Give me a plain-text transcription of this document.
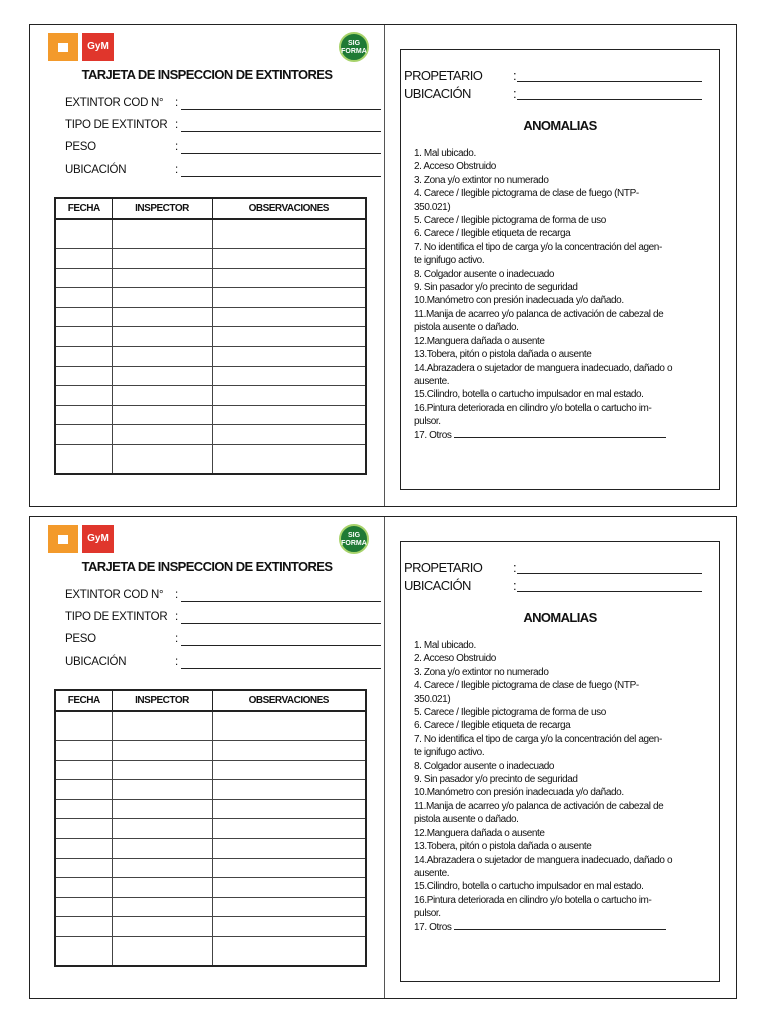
GyM	SIG
FORMA
TARJETA DE INSPECCION DE EXTINTORES
EXTINTOR COD N° :
TIPO DE EXTINTOR :
PESO	:
UBICACIÓN	:
FECHA	INSPECTOR	OBSERVACIONES

PROPETARIO :
UBICACIÓN	:
ANOMALIAS
1. Mal ubicado.
2. Acceso Obstruido
3. Zona y/o extintor no numerado
4. Carece / Ilegible pictograma de clase de fuego (NTP-
350.021)
5. Carece / Ilegible pictograma de forma de uso
6. Carece / Ilegible etiqueta de recarga
7. No identifica el tipo de carga y/o la concentración del agen-
te ignifugo activo.
8. Colgador ausente o inadecuado
9. Sin pasador y/o precinto de seguridad
10.Manómetro con presión inadecuada y/o dañado.
11.Manija de acarreo y/o palanca de activación de cabezal de
pistola ausente o dañado.
12.Manguera dañada o ausente
13.Tobera, pitón o pistola dañada o ausente
14.Abrazadera o sujetador de manguera inadecuado, dañado o
ausente.
15.Cilindro, botella o cartucho impulsador en mal estado.
16.Pintura deteriorada en cilindro y/o botella o cartucho im-
pulsor.
17. Otros
GyM	SIG
FORMA
TARJETA DE INSPECCION DE EXTINTORES
EXTINTOR COD N° :
TIPO DE EXTINTOR :
PESO	:
UBICACIÓN	:
FECHA	INSPECTOR	OBSERVACIONES

PROPETARIO :
UBICACIÓN	:
ANOMALIAS
1. Mal ubicado.
2. Acceso Obstruido
3. Zona y/o extintor no numerado
4. Carece / Ilegible pictograma de clase de fuego (NTP-
350.021)
5. Carece / Ilegible pictograma de forma de uso
6. Carece / Ilegible etiqueta de recarga
7. No identifica el tipo de carga y/o la concentración del agen-
te ignifugo activo.
8. Colgador ausente o inadecuado
9. Sin pasador y/o precinto de seguridad
10.Manómetro con presión inadecuada y/o dañado.
11.Manija de acarreo y/o palanca de activación de cabezal de
pistola ausente o dañado.
12.Manguera dañada o ausente
13.Tobera, pitón o pistola dañada o ausente
14.Abrazadera o sujetador de manguera inadecuado, dañado o
ausente.
15.Cilindro, botella o cartucho impulsador en mal estado.
16.Pintura deteriorada en cilindro y/o botella o cartucho im-
pulsor.
17. Otros
